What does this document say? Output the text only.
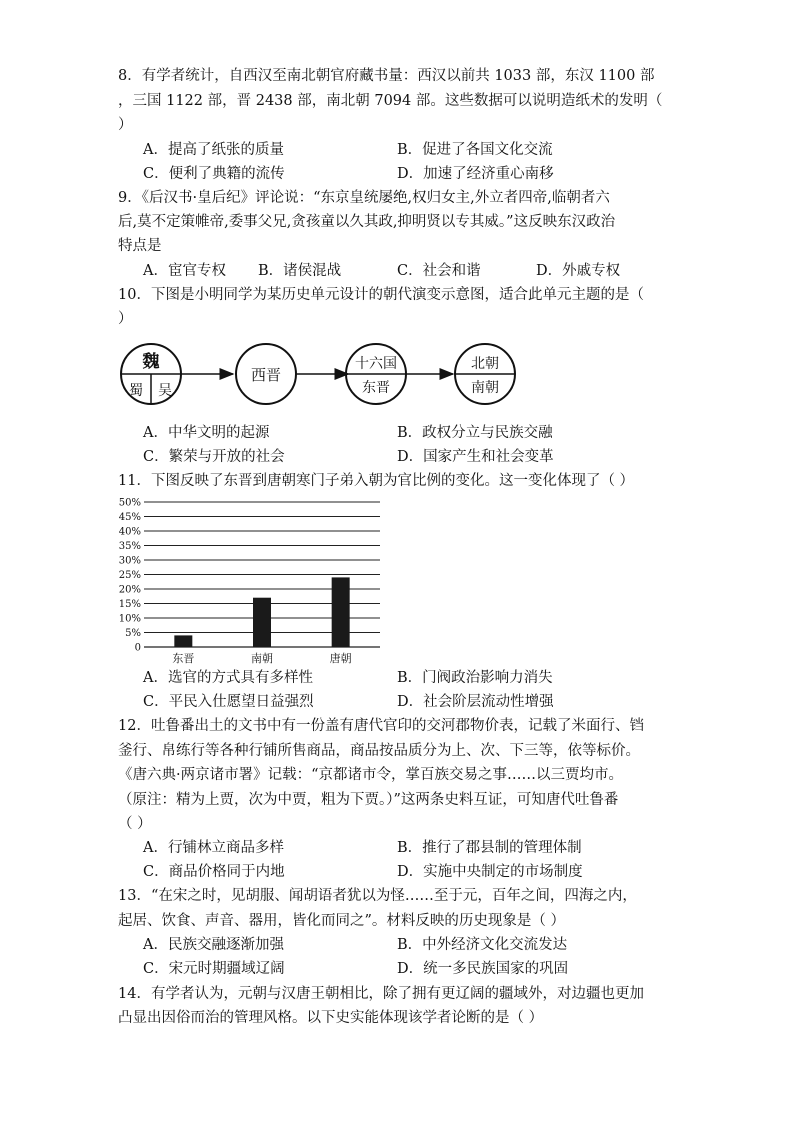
8．有学者统计，自西汉至南北朝官府藏书量：西汉以前共 1033 部，东汉 1100 部
，三国 1122 部，晋 2438 部，南北朝 7094 部。这些数据可以说明造纸术的发明（
）
A．提高了纸张的质量	B．促进了各国文化交流
C．便利了典籍的流传	D．加速了经济重心南移
9．《后汉书·皇后纪》评论说：“东京皇统屡绝,权归女主,外立者四帝,临朝者六
后,莫不定策帷帝,委事父兄,贪孩童以久其政,抑明贤以专其威。”这反映东汉政治
特点是
A．宦官专权 B．诸侯混战	C．社会和谐	D．外戚专权
10．下图是小明同学为某历史单元设计的朝代演变示意图，适合此单元主题的是（
）
魏
蜀 吴
西晋
十六国
东晋
北朝
南朝
A．中华文明的起源	B．政权分立与民族交融
C．繁荣与开放的社会	D．国家产生和社会变革
11．下图反映了东晋到唐朝寒门子弟入朝为官比例的变化。这一变化体现了（ ）
0
5%
10%
15%
20%
25%
30%
35%
40%
45%
50%
东晋	南朝	唐朝
A．选官的方式具有多样性	B．门阀政治影响力消失
C．平民入仕愿望日益强烈	D．社会阶层流动性增强
12．吐鲁番出土的文书中有一份盖有唐代官印的交河郡物价表，记载了米面行、铛
釜行、帛练行等各种行铺所售商品，商品按品质分为上、次、下三等，依等标价。
《唐六典·两京诸市署》记载：“京都诸市令，掌百族交易之事……以三贾均市。
（原注：精为上贾，次为中贾，粗为下贾。）”这两条史料互证，可知唐代吐鲁番
（ ）
A．行铺林立商品多样	B．推行了郡县制的管理体制
C．商品价格同于内地	D．实施中央制定的市场制度
13．“在宋之时，见胡服、闻胡语者犹以为怪……至于元，百年之间，四海之内，
起居、饮食、声音、器用，皆化而同之”。材料反映的历史现象是（ ）
A．民族交融逐渐加强	B．中外经济文化交流发达
C．宋元时期疆域辽阔	D．统一多民族国家的巩固
14．有学者认为，元朝与汉唐王朝相比，除了拥有更辽阔的疆域外，对边疆也更加
凸显出因俗而治的管理风格。以下史实能体现该学者论断的是（ ）
